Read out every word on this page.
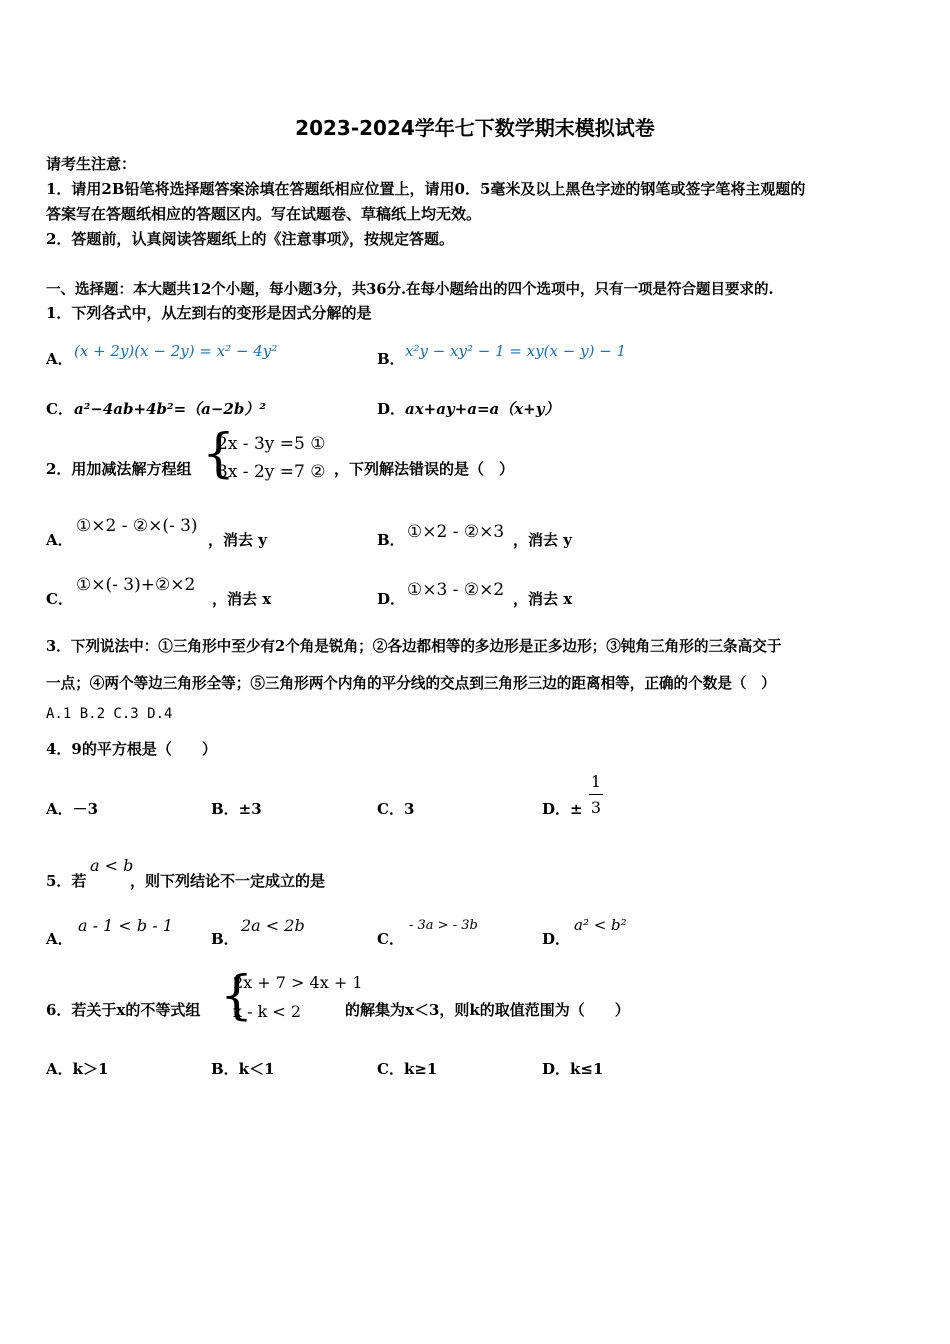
2023-2024学年七下数学期末模拟试卷
请考生注意：
1．请用2B铅笔将选择题答案涂填在答题纸相应位置上，请用0．5毫米及以上黑色字迹的钢笔或签字笔将主观题的
答案写在答题纸相应的答题区内。写在试题卷、草稿纸上均无效。
2．答题前，认真阅读答题纸上的《注意事项》，按规定答题。
一、选择题：本大题共12个小题，每小题3分，共36分.在每小题给出的四个选项中，只有一项是符合题目要求的.
1．下列各式中，从左到右的变形是因式分解的是
A． (x + 2y)(x − 2y) = x² − 4y²	B． x²y − xy² − 1 = xy(x − y) − 1
C． a²−4ab+4b²=（a−2b）²	D． ax+ay+a=a（x+y）
2．用加减法解方程组 {
2x - 3y =5 ①
3x - 2y =7 ② ，下列解法错误的是（　）
A．
①×2 - ②×(- 3)
，消去 y	B． ①×2 - ②×3 ，消去 y
C．
①×(- 3)+②×2
，消去 x	D． ①×3 - ②×2 ，消去 x
3．下列说法中：①三角形中至少有2个角是锐角；②各边都相等的多边形是正多边形；③钝角三角形的三条高交于
一点；④两个等边三角形全等；⑤三角形两个内角的平分线的交点到三角形三边的距离相等，正确的个数是（　）
A.1 B.2 C.3 D.4
4．9的平方根是（　　）
A．－3	B．±3	C．3	D．±
1
3
5．若
a < b
，则下列结论不一定成立的是
A．
a - 1 < b - 1
B．
2a < 2b
C．
- 3a > - 3b
D．
a² < b²
6．若关于x的不等式组 {
2x + 7 > 4x + 1
x - k < 2	的解集为x＜3，则k的取值范围为（　　）
A．k＞1	B．k＜1	C．k≥1	D．k≤1
